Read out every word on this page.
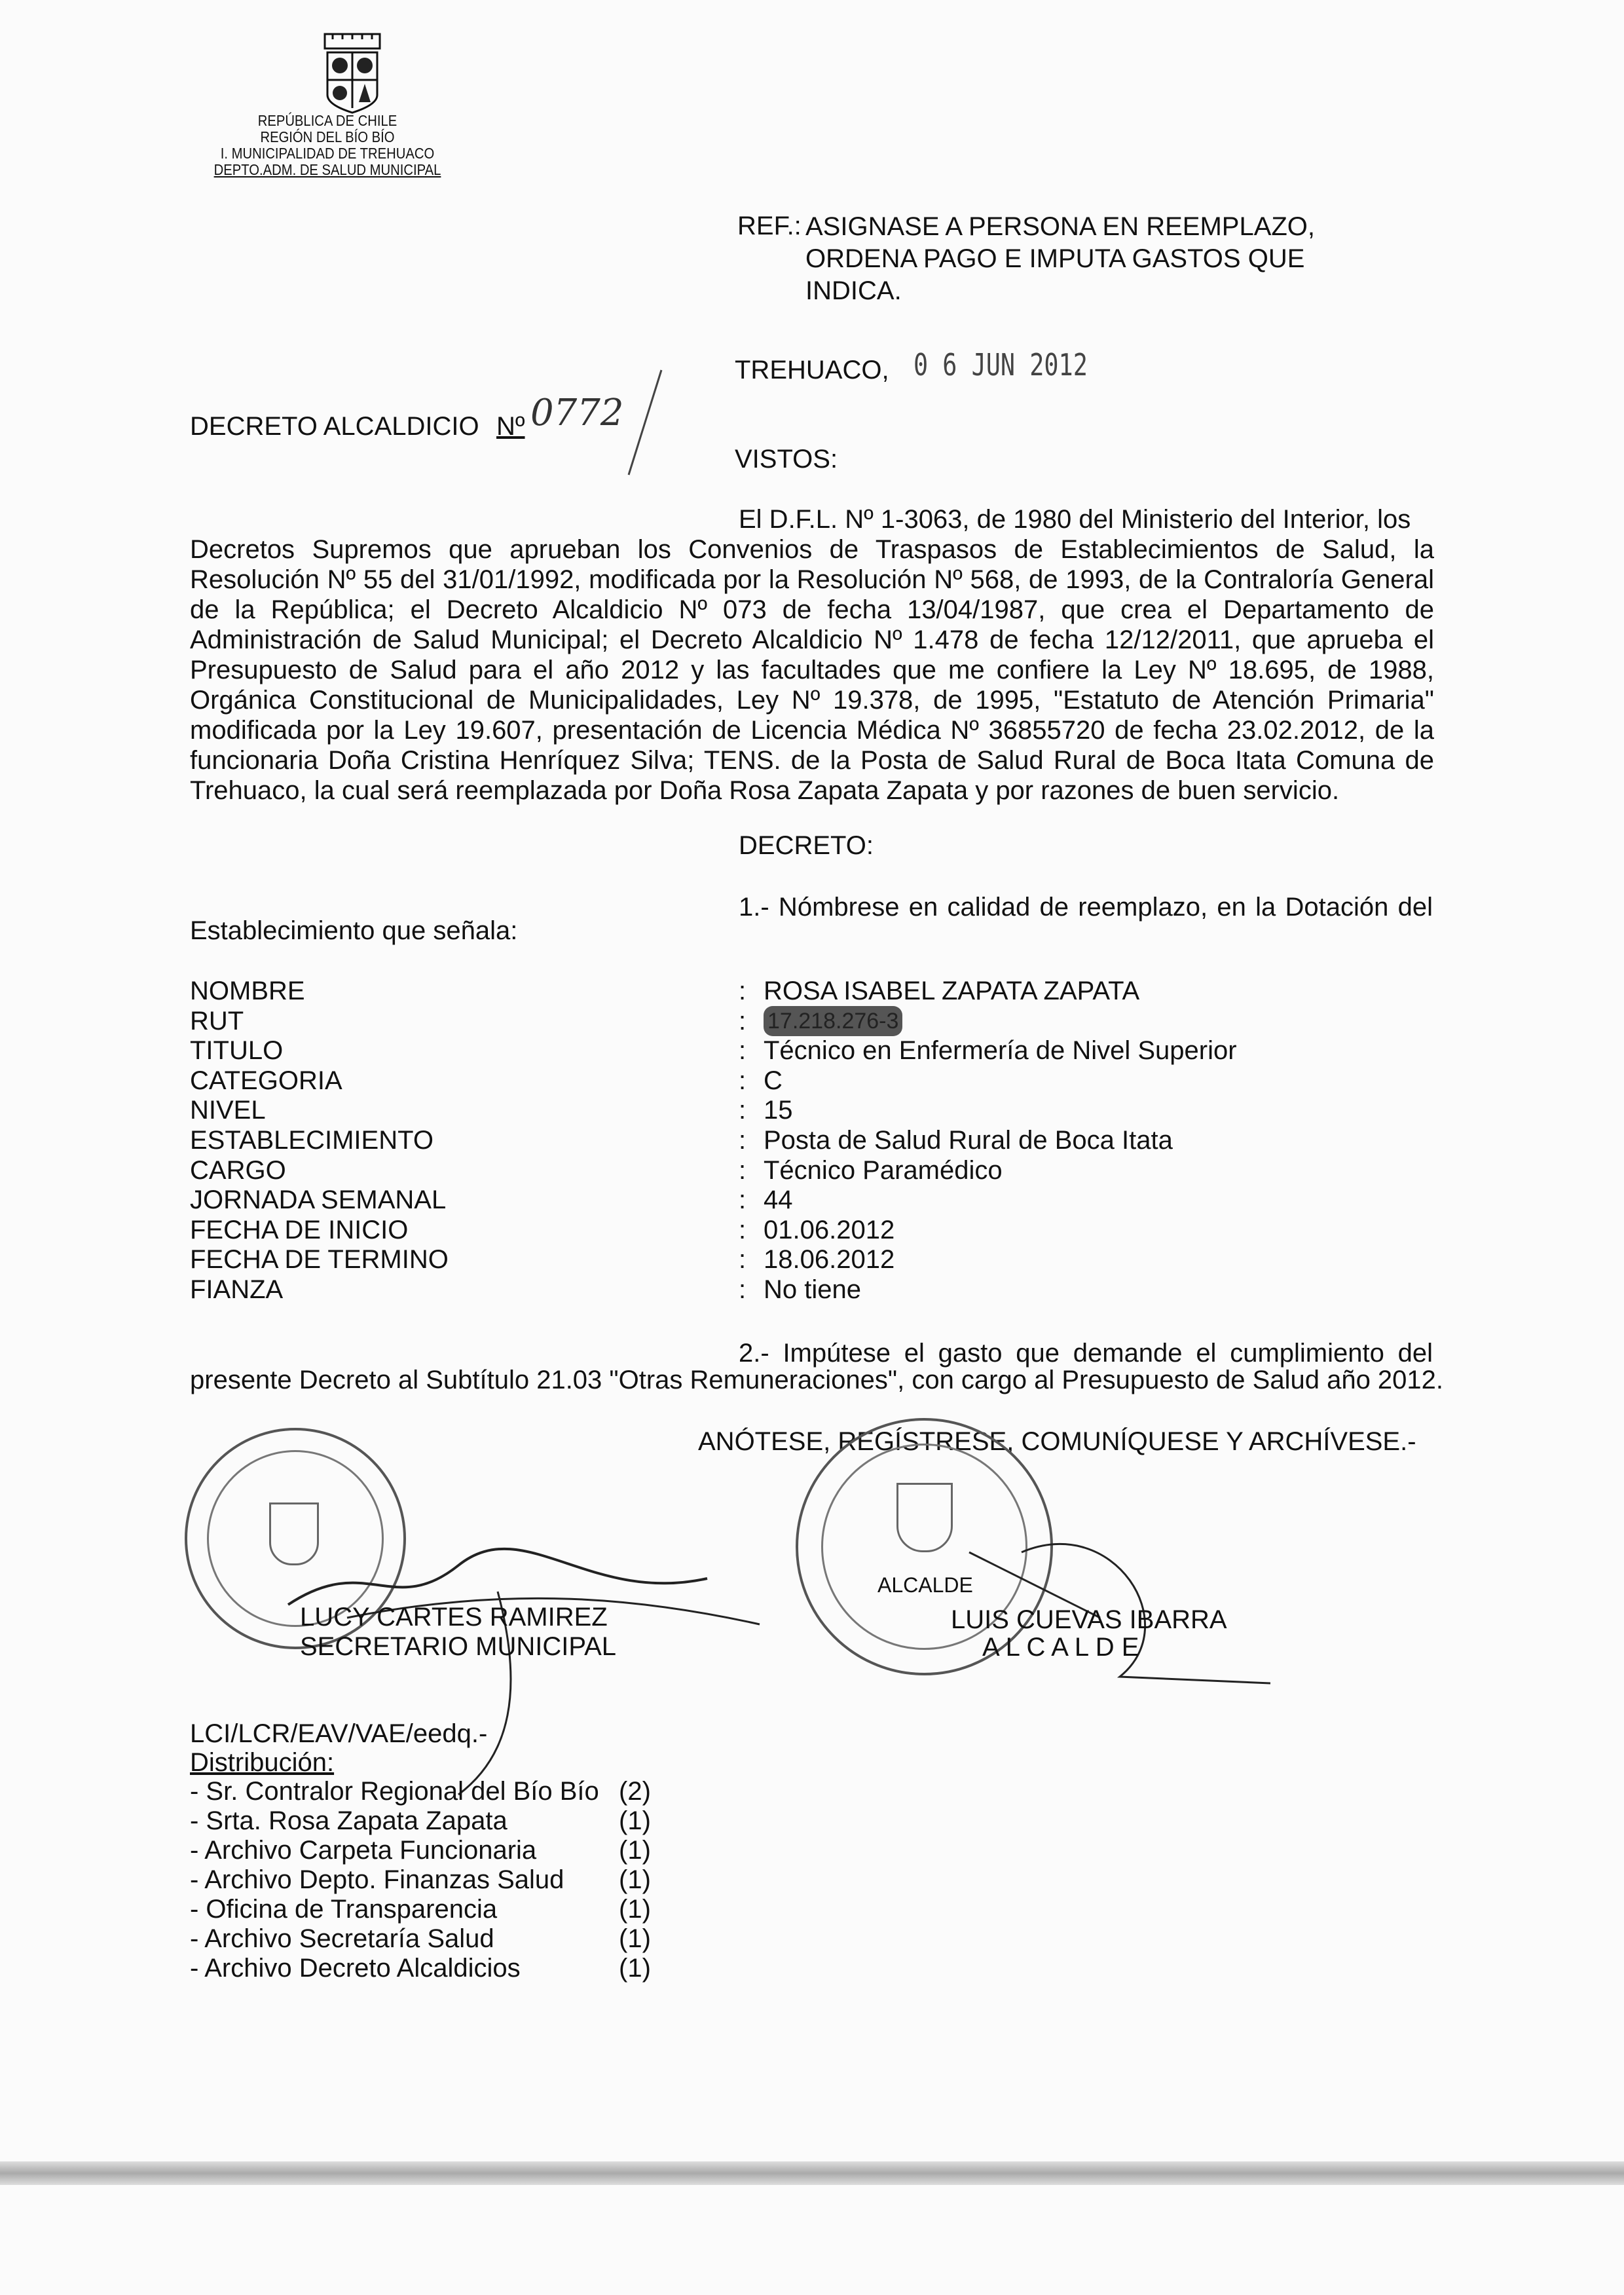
REPÚBLICA DE CHILE
REGIÓN DEL BÍO BÍO
I. MUNICIPALIDAD DE TREHUACO
DEPTO.ADM. DE SALUD MUNICIPAL
REF.: ASIGNASE A PERSONA EN REEMPLAZO,
ORDENA PAGO E IMPUTA GASTOS QUE
INDICA.
TREHUACO, 0 6 JUN 2012
DECRETO ALCALDICIO Nº 0772
VISTOS:
El D.F.L. Nº 1-3063, de 1980 del Ministerio del Interior, los
Decretos Supremos que aprueban los Convenios de Traspasos de Establecimientos de Salud, la Resolución Nº 55 del 31/01/1992, modificada por la Resolución Nº 568, de 1993, de la Contraloría General de la República; el Decreto Alcaldicio Nº 073 de fecha 13/04/1987, que crea el Departamento de Administración de Salud Municipal; el Decreto Alcaldicio Nº 1.478 de fecha 12/12/2011, que aprueba el Presupuesto de Salud para el año 2012 y las facultades que me confiere la Ley Nº 18.695, de 1988, Orgánica Constitucional de Municipalidades, Ley Nº 19.378, de 1995, "Estatuto de Atención Primaria" modificada por la Ley 19.607, presentación de Licencia Médica Nº 36855720 de fecha 23.02.2012, de la funcionaria Doña Cristina Henríquez Silva; TENS. de la Posta de Salud Rural de Boca Itata Comuna de Trehuaco, la cual será reemplazada por Doña Rosa Zapata Zapata y por razones de buen servicio.
DECRETO:
1.- Nómbrese en calidad de reemplazo, en la Dotación del
Establecimiento que señala:
NOMBRE	: ROSA ISABEL ZAPATA ZAPATA
RUT	: 17.218.276-3
TITULO	: Técnico en Enfermería de Nivel Superior
CATEGORIA	: C
NIVEL	: 15
ESTABLECIMIENTO	: Posta de Salud Rural de Boca Itata
CARGO	: Técnico Paramédico
JORNADA SEMANAL	: 44
FECHA DE INICIO	: 01.06.2012
FECHA DE TERMINO	: 18.06.2012
FIANZA	: No tiene
2.- Impútese el gasto que demande el cumplimiento del
presente Decreto al Subtítulo 21.03 "Otras Remuneraciones", con cargo al Presupuesto de Salud año 2012.
ANÓTESE, REGÍSTRESE, COMUNÍQUESE Y ARCHÍVESE.-
LUCY CARTES RAMIREZ
SECRETARIO MUNICIPAL
ALCALDE
LUIS CUEVAS IBARRA
A L C A L D E
LCI/LCR/EAV/VAE/eedq.-
Distribución:
- Sr. Contralor Regional del Bío Bío (2)
- Srta. Rosa Zapata Zapata	(1)
- Archivo Carpeta Funcionaria	(1)
- Archivo Depto. Finanzas Salud (1)
- Oficina de Transparencia	(1)
- Archivo Secretaría Salud	(1)
- Archivo Decreto Alcaldicios	(1)
